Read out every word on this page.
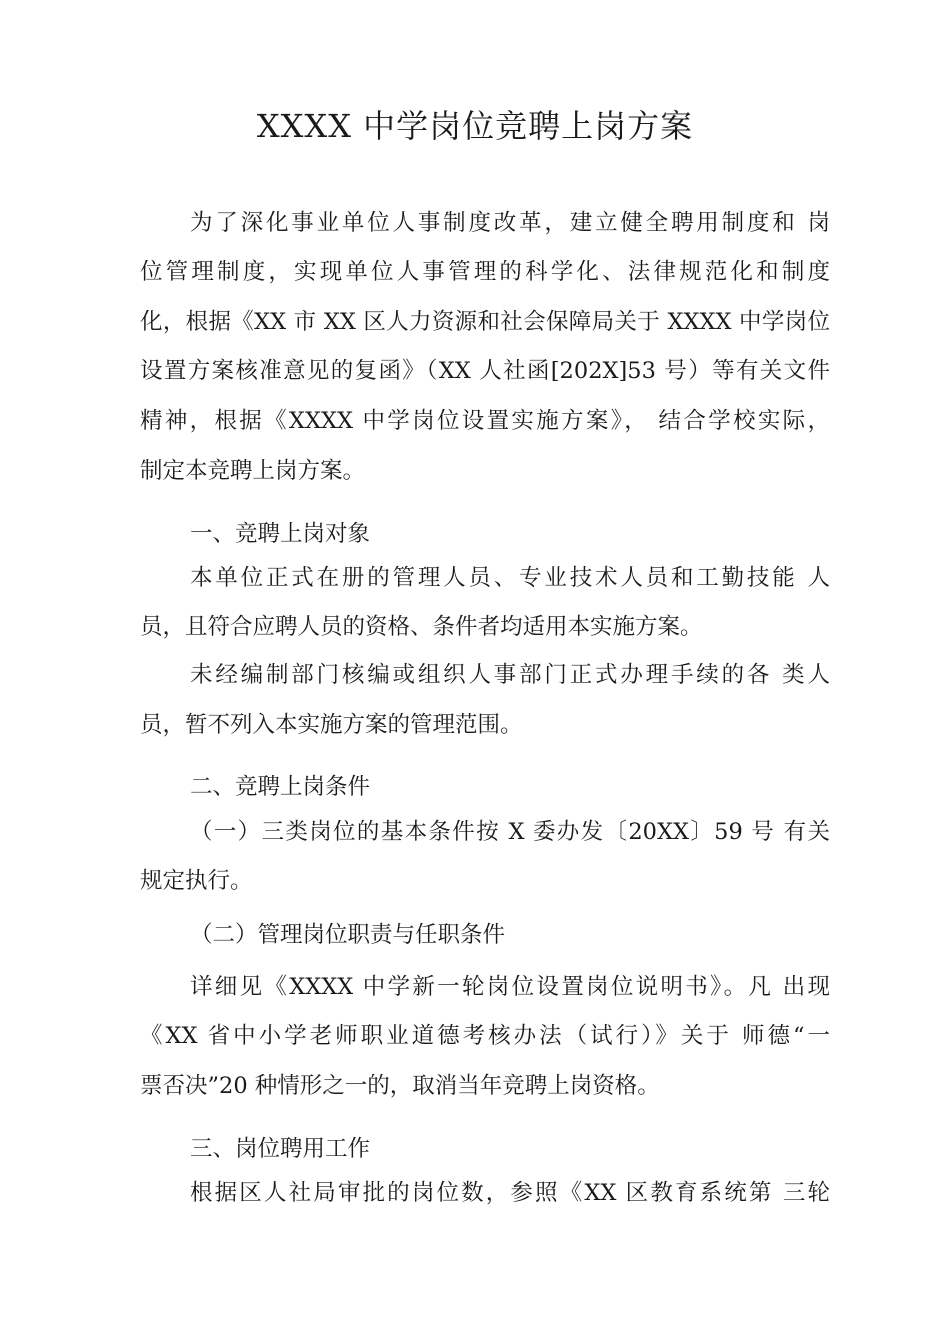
XXXX 中学岗位竞聘上岗方案
为了深化事业单位人事制度改革，建立健全聘用制度和 岗
位管理制度，实现单位人事管理的科学化、法律规范化和制度
化，根据《XX 市 XX 区人力资源和社会保障局关于 XXXX 中学岗位
设置方案核准意见的复函》（XX 人社函[202X]53 号）等有关文件
精神，根据《XXXX 中学岗位设置实施方案》， 结合学校实际，
制定本竞聘上岗方案。
一、竞聘上岗对象
本单位正式在册的管理人员、专业技术人员和工勤技能 人
员，且符合应聘人员的资格、条件者均适用本实施方案。
未经编制部门核编或组织人事部门正式办理手续的各 类人
员，暂不列入本实施方案的管理范围。
二、竞聘上岗条件
（一）三类岗位的基本条件按 X 委办发〔20XX〕59 号 有关
规定执行。
（二）管理岗位职责与任职条件
详细见《XXXX 中学新一轮岗位设置岗位说明书》。凡 出现
《XX 省中小学老师职业道德考核办法（试行）》关于 师德“一
票否决”20 种情形之一的，取消当年竞聘上岗资格。
三、岗位聘用工作
根据区人社局审批的岗位数，参照《XX 区教育系统第 三轮
